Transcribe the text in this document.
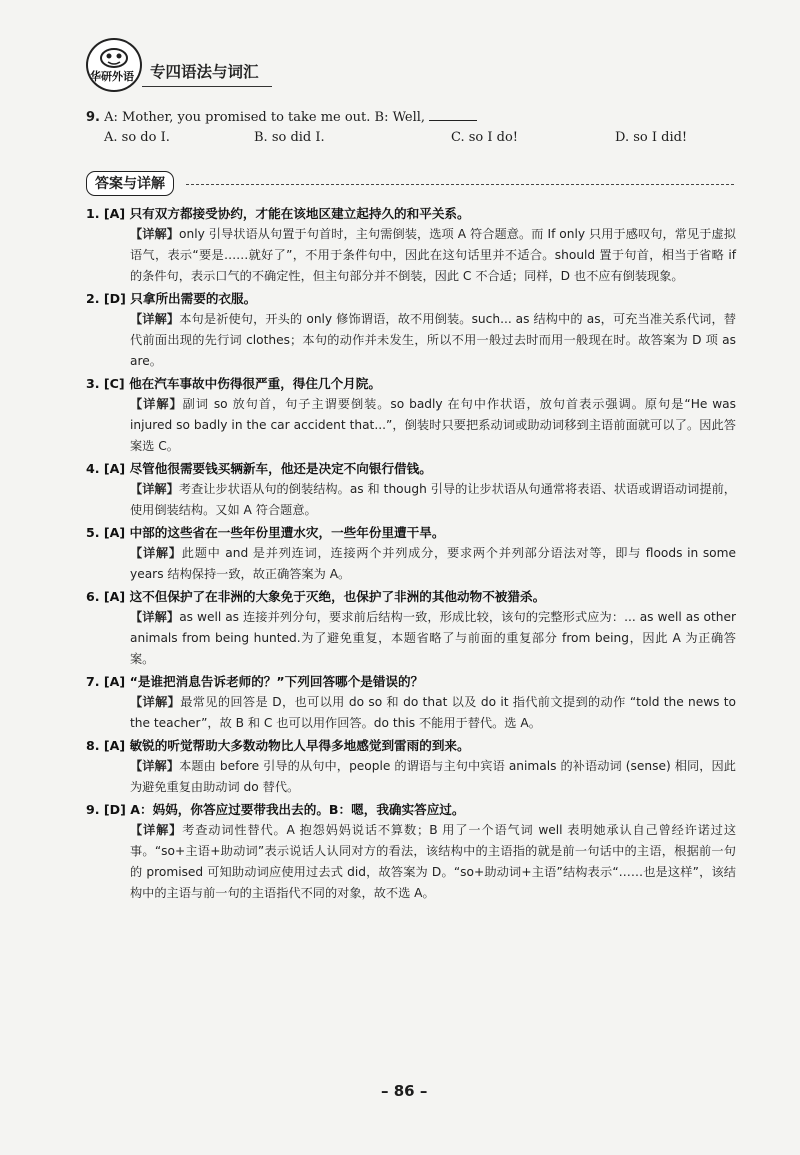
华研外语 专四语法与词汇
9. A: Mother, you promised to take me out. B: Well,
A. so do I.	B. so did I.	C. so I do!	D. so I did!
答案与详解
1. [A] 只有双方都接受协约，才能在该地区建立起持久的和平关系。
【详解】only 引导状语从句置于句首时，主句需倒装，选项 A 符合题意。而 If only 只用于感叹句，常见于虚拟语气，表示“要是……就好了”，不用于条件句中，因此在这句话里并不适合。should 置于句首，相当于省略 if 的条件句，表示口气的不确定性，但主句部分并不倒装，因此 C 不合适；同样，D 也不应有倒装现象。
2. [D] 只拿所出需要的衣服。
【详解】本句是祈使句，开头的 only 修饰谓语，故不用倒装。such... as 结构中的 as，可充当准关系代词，替代前面出现的先行词 clothes；本句的动作并未发生，所以不用一般过去时而用一般现在时。故答案为 D 项 as are。
3. [C] 他在汽车事故中伤得很严重，得住几个月院。
【详解】副词 so 放句首，句子主谓要倒装。so badly 在句中作状语，放句首表示强调。原句是“He was injured so badly in the car accident that...”，倒装时只要把系动词或助动词移到主语前面就可以了。因此答案选 C。
4. [A] 尽管他很需要钱买辆新车，他还是决定不向银行借钱。
【详解】考查让步状语从句的倒装结构。as 和 though 引导的让步状语从句通常将表语、状语或谓语动词提前，使用倒装结构。又如 A 符合题意。
5. [A] 中部的这些省在一些年份里遭水灾，一些年份里遭干旱。
【详解】此题中 and 是并列连词，连接两个并列成分，要求两个并列部分语法对等，即与 floods in some years 结构保持一致，故正确答案为 A。
6. [A] 这不但保护了在非洲的大象免于灭绝，也保护了非洲的其他动物不被猎杀。
【详解】as well as 连接并列分句，要求前后结构一致，形成比较，该句的完整形式应为：... as well as other animals from being hunted.为了避免重复，本题省略了与前面的重复部分 from being，因此 A 为正确答案。
7. [A] “是谁把消息告诉老师的？”下列回答哪个是错误的？
【详解】最常见的回答是 D，也可以用 do so 和 do that 以及 do it 指代前文提到的动作 “told the news to the teacher”，故 B 和 C 也可以用作回答。do this 不能用于替代。选 A。
8. [A] 敏锐的听觉帮助大多数动物比人早得多地感觉到雷雨的到来。
【详解】本题由 before 引导的从句中，people 的谓语与主句中宾语 animals 的补语动词 (sense) 相同，因此为避免重复由助动词 do 替代。
9. [D] A：妈妈，你答应过要带我出去的。B：嗯，我确实答应过。
【详解】考查动词性替代。A 抱怨妈妈说话不算数；B 用了一个语气词 well 表明她承认自己曾经许诺过这事。“so+主语+助动词”表示说话人认同对方的看法，该结构中的主语指的就是前一句话中的主语，根据前一句的 promised 可知助动词应使用过去式 did，故答案为 D。“so+助动词+主语”结构表示“……也是这样”，该结构中的主语与前一句的主语指代不同的对象，故不选 A。
– 86 –
